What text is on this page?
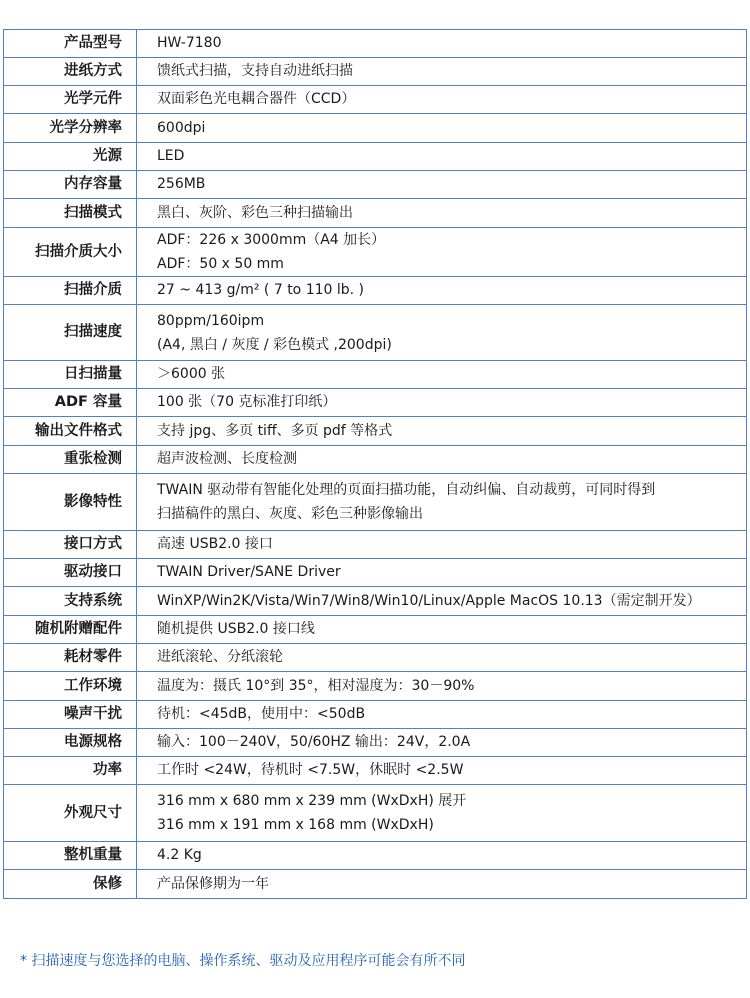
产品型号	HW-7180

进纸方式	馈纸式扫描，支持自动进纸扫描

光学元件	双面彩色光电耦合器件（CCD）

光学分辨率	600dpi

光源	LED

内存容量	256MB

扫描模式	黑白、灰阶、彩色三种扫描输出

扫描介质大小	ADF：226 x 3000mm（A4 加长）
ADF：50 x 50 mm

扫描介质	27 ~ 413 g/m² ( 7 to 110 lb. )

扫描速度	80ppm/160ipm
(A4, 黑白 / 灰度 / 彩色模式 ,200dpi)

日扫描量	＞6000 张

ADF 容量	100 张（70 克标准打印纸）

输出文件格式	支持 jpg、多页 tiff、多页 pdf 等格式

重张检测	超声波检测、长度检测

影像特性	TWAIN 驱动带有智能化处理的页面扫描功能，自动纠偏、自动裁剪，可同时得到
扫描稿件的黑白、灰度、彩色三种影像输出

接口方式	高速 USB2.0 接口

驱动接口	TWAIN Driver/SANE Driver

支持系统	WinXP/Win2K/Vista/Win7/Win8/Win10/Linux/Apple MacOS 10.13（需定制开发）

随机附赠配件	随机提供 USB2.0 接口线

耗材零件	进纸滚轮、分纸滚轮

工作环境	温度为：摄氏 10°到 35°，相对湿度为：30－90%

噪声干扰	待机：<45dB，使用中：<50dB

电源规格	输入：100－240V，50/60HZ 输出：24V，2.0A

功率	工作时 <24W，待机时 <7.5W，休眠时 <2.5W

外观尺寸	316 mm x 680 mm x 239 mm (WxDxH) 展开
316 mm x 191 mm x 168 mm (WxDxH)

整机重量	4.2 Kg

保修	产品保修期为一年
* 扫描速度与您选择的电脑、操作系统、驱动及应用程序可能会有所不同
